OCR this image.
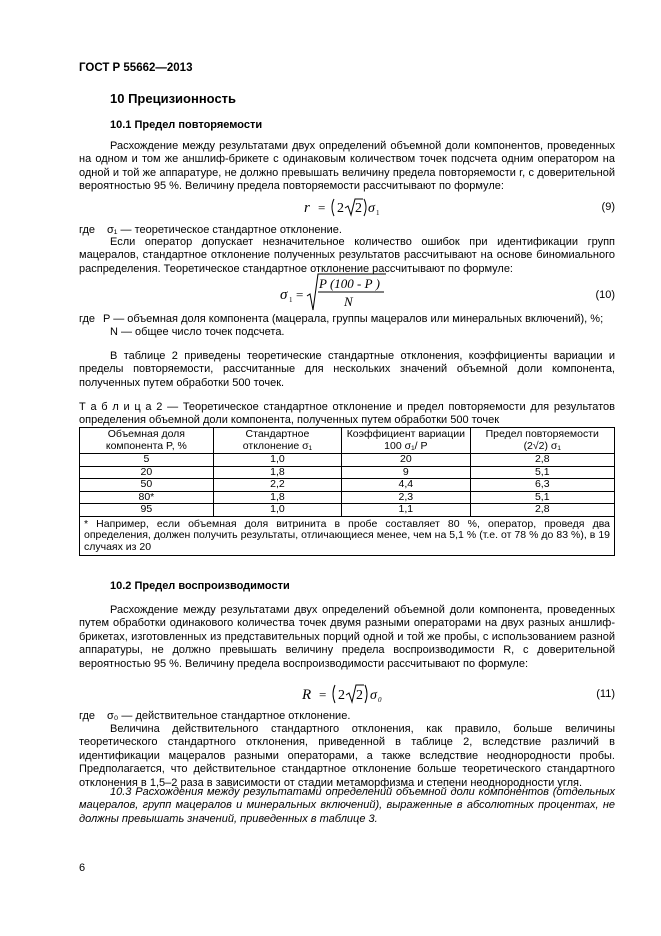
ГОСТ Р 55662—2013
10 Прецизионность
10.1 Предел повторяемости
Расхождение между результатами двух определений объемной доли компонентов, проведенных на одном и том же аншлиф-брикете с одинаковым количеством точек подсчета одним оператором на одной и той же аппаратуре, не должно превышать величину предела повторяемости r, с доверительной вероятностью 95 %. Величину предела повторяемости рассчитывают по формуле:
r = 2 2 σ 1	(9)
где σ₁ — теоретическое стандартное отклонение.
Если оператор допускает незначительное количество ошибок при идентификации групп мацералов, стандартное отклонение полученных результатов рассчитывают на основе биномиального распределения. Теоретическое стандартное отклонение рассчитывают по формуле:
σ 1 =
P (100 - P )
N	(10)
где P — объемная доля компонента (мацерала, группы мацералов или минеральных включений), %;
N — общее число точек подсчета.
В таблице 2 приведены теоретические стандартные отклонения, коэффициенты вариации и пределы повторяемости, рассчитанные для нескольких значений объемной доли компонента, полученных путем обработки 500 точек.
Т а б л и ц а 2 — Теоретическое стандартное отклонение и предел повторяемости для результатов определения объемной доли компонента, полученных путем обработки 500 точек
Объемная доля компонента P, %	Стандартное отклонение σ₁	Коэффициент вариации 100 σ₁/ P	Предел повторяемости (2√2) σ₁
5	1,0	20	2,8
20	1,8	9	5,1
50	2,2	4,4	6,3
80*	1,8	2,3	5,1
95	1,0	1,1	2,8
* Например, если объемная доля витринита в пробе составляет 80 %, оператор, проведя два определения, должен получить результаты, отличающиеся менее, чем на 5,1 % (т.е. от 78 % до 83 %), в 19 случаях из 20			
10.2 Предел воспроизводимости
Расхождение между результатами двух определений объемной доли компонента, проведенных путем обработки одинакового количества точек двумя разными операторами на двух разных аншлиф-брикетах, изготовленных из представительных порций одной и той же пробы, с использованием разной аппаратуры, не должно превышать величину предела воспроизводимости R, с доверительной вероятностью 95 %. Величину предела воспроизводимости рассчитывают по формуле:
R = 2 2 σ 0	(11)
где σ₀ — действительное стандартное отклонение.
Величина действительного стандартного отклонения, как правило, больше величины теоретического стандартного отклонения, приведенной в таблице 2, вследствие различий в идентификации мацералов разными операторами, а также вследствие неоднородности пробы. Предполагается, что действительное стандартное отклонение больше теоретического стандартного отклонения в 1,5–2 раза в зависимости от стадии метаморфизма и степени неоднородности угля.
10.3 Расхождения между результатами определений объемной доли компонентов (отдельных мацералов, групп мацералов и минеральных включений), выраженные в абсолютных процентах, не должны превышать значений, приведенных в таблице 3.
6
